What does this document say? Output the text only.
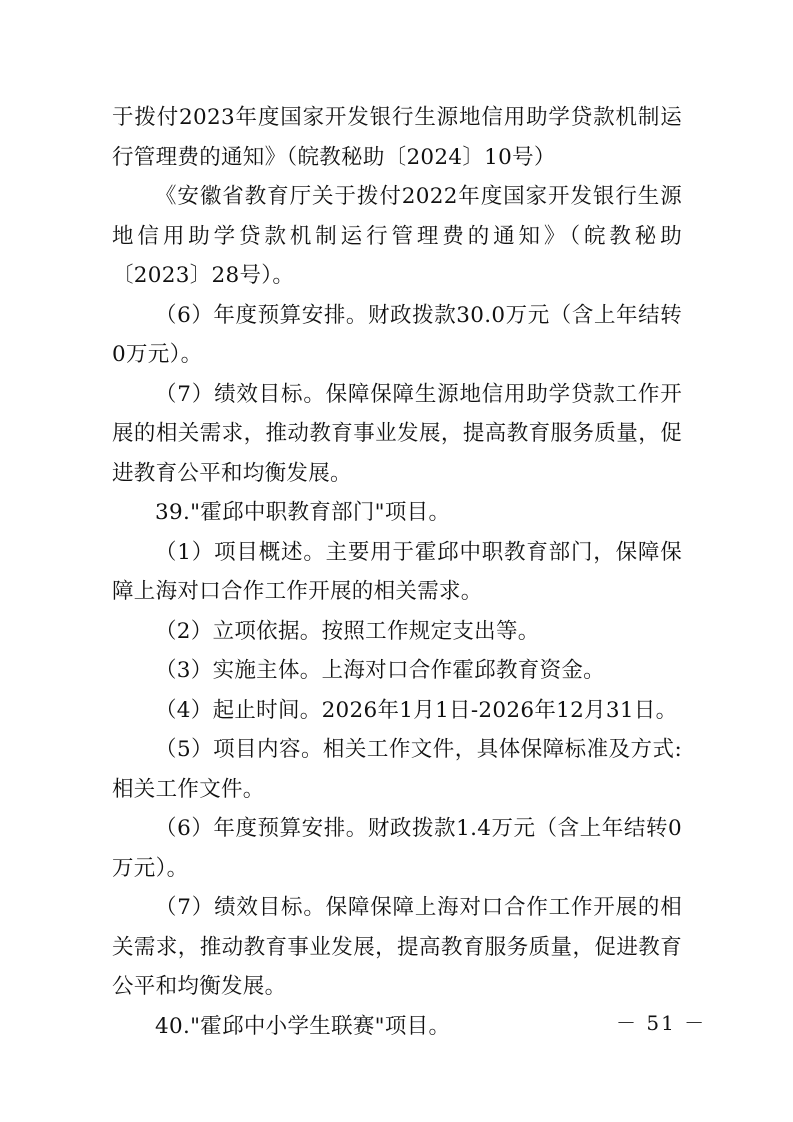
于拨付2023年度国家开发银行生源地信用助学贷款机制运行管理费的通知》（皖教秘助〔2024〕10号）

《安徽省教育厅关于拨付2022年度国家开发银行生源地信用助学贷款机制运行管理费的通知》（皖教秘助〔2023〕28号）。

（6）年度预算安排。财政拨款30.0万元（含上年结转0万元）。

（7）绩效目标。保障保障生源地信用助学贷款工作开展的相关需求，推动教育事业发展，提高教育服务质量，促进教育公平和均衡发展。

39."霍邱中职教育部门"项目。

（1）项目概述。主要用于霍邱中职教育部门，保障保障上海对口合作工作开展的相关需求。

（2）立项依据。按照工作规定支出等。

（3）实施主体。上海对口合作霍邱教育资金。

（4）起止时间。2026年1月1日-2026年12月31日。

（5）项目内容。相关工作文件，具体保障标准及方式:相关工作文件。

（6）年度预算安排。财政拨款1.4万元（含上年结转0万元）。

（7）绩效目标。保障保障上海对口合作工作开展的相关需求，推动教育事业发展，提高教育服务质量，促进教育公平和均衡发展。

40."霍邱中小学生联赛"项目。	－ 51 －
